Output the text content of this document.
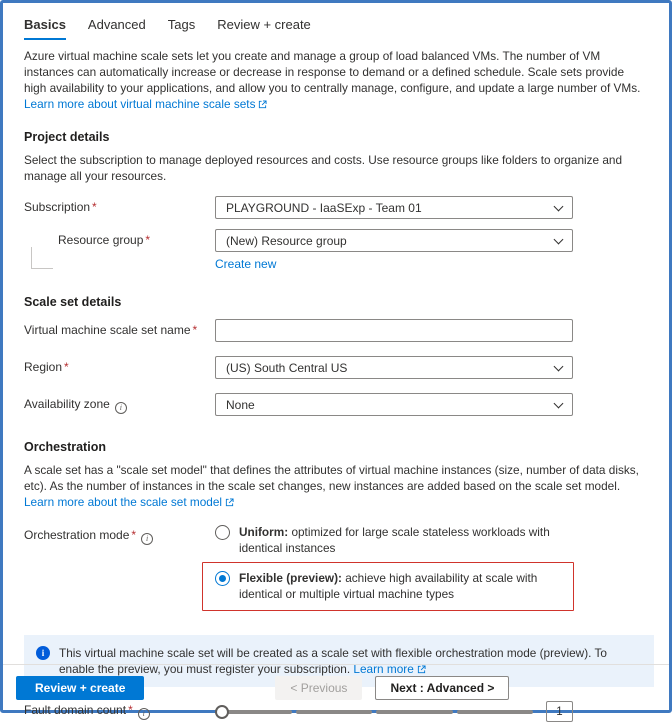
Basics Advanced Tags Review + create
Azure virtual machine scale sets let you create and manage a group of load balanced VMs. The number of VM instances can automatically increase or decrease in response to demand or a defined schedule. Scale sets provide high availability to your applications, and allow you to centrally manage, configure, and update a large number of VMs.
Learn more about virtual machine scale sets
Project details
Select the subscription to manage deployed resources and costs. Use resource groups like folders to organize and manage all your resources.
Subscription *	PLAYGROUND - IaaSExp - Team 01
Resource group *	(New) Resource group
Create new
Scale set details
Virtual machine scale set name *
Region *	(US) South Central US
Availability zone i	None
Orchestration
A scale set has a "scale set model" that defines the attributes of virtual machine instances (size, number of data disks, etc). As the number of instances in the scale set changes, new instances are added based on the scale set model.
Learn more about the scale set model
Orchestration mode * i	Uniform: optimized for large scale stateless workloads with identical instances
Flexible (preview): achieve high availability at scale with identical or multiple virtual machine types
i	This virtual machine scale set will be created as a scale set with flexible orchestration mode (preview). To enable the preview, you must register your subscription. Learn more
Fault domain count * i	1
Review + create	< Previous	Next : Advanced >
